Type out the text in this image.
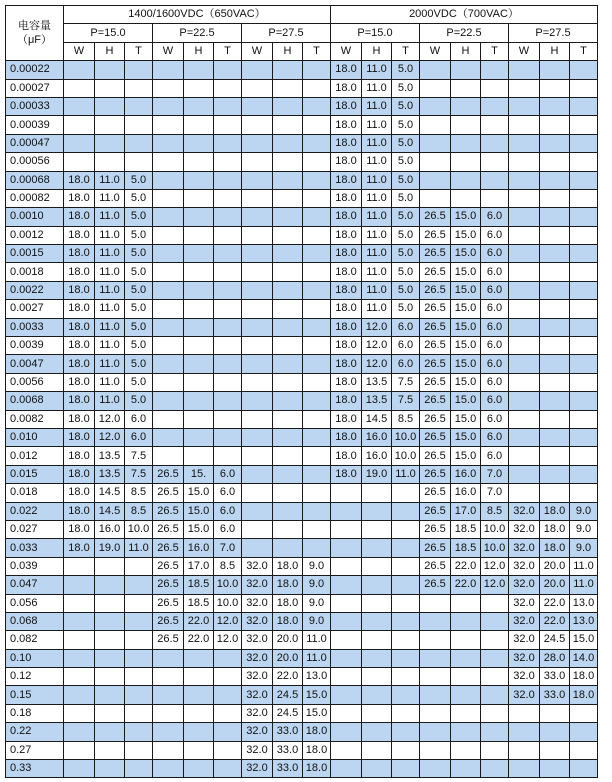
电容量
（μF）	1400/1600VDC（650VAC）									2000VDC（700VAC）								
	P=15.0			P=22.5			P=27.5			P=15.0			P=22.5			P=27.5		
	W	H	T	W	H	T	W	H	T	W	H	T	W	H	T	W	H	T
0.00022										18.0	11.0	5.0						
0.00027										18.0	11.0	5.0						
0.00033										18.0	11.0	5.0						
0.00039										18.0	11.0	5.0						
0.00047										18.0	11.0	5.0						
0.00056										18.0	11.0	5.0						
0.00068	18.0	11.0	5.0							18.0	11.0	5.0						
0.00082	18.0	11.0	5.0							18.0	11.0	5.0						
0.0010	18.0	11.0	5.0							18.0	11.0	5.0	26.5	15.0	6.0			
0.0012	18.0	11.0	5.0							18.0	11.0	5.0	26.5	15.0	6.0			
0.0015	18.0	11.0	5.0							18.0	11.0	5.0	26.5	15.0	6.0			
0.0018	18.0	11.0	5.0							18.0	11.0	5.0	26.5	15.0	6.0			
0.0022	18.0	11.0	5.0							18.0	11.0	5.0	26.5	15.0	6.0			
0.0027	18.0	11.0	5.0							18.0	11.0	5.0	26.5	15.0	6.0			
0.0033	18.0	11.0	5.0							18.0	12.0	6.0	26.5	15.0	6.0			
0.0039	18.0	11.0	5.0							18.0	12.0	6.0	26.5	15.0	6.0			
0.0047	18.0	11.0	5.0							18.0	12.0	6.0	26.5	15.0	6.0			
0.0056	18.0	11.0	5.0							18.0	13.5	7.5	26.5	15.0	6.0			
0.0068	18.0	11.0	5.0							18.0	13.5	7.5	26.5	15.0	6.0			
0.0082	18.0	12.0	6.0							18.0	14.5	8.5	26.5	15.0	6.0			
0.010	18.0	12.0	6.0							18.0	16.0	10.0	26.5	15.0	6.0			
0.012	18.0	13.5	7.5							18.0	16.0	10.0	26.5	15.0	6.0			
0.015	18.0	13.5	7.5	26.5	15.	6.0				18.0	19.0	11.0	26.5	16.0	7.0			
0.018	18.0	14.5	8.5	26.5	15.0	6.0							26.5	16.0	7.0			
0.022	18.0	14.5	8.5	26.5	15.0	6.0							26.5	17.0	8.5	32.0	18.0	9.0
0.027	18.0	16.0	10.0	26.5	15.0	6.0							26.5	18.5	10.0	32.0	18.0	9.0
0.033	18.0	19.0	11.0	26.5	16.0	7.0							26.5	18.5	10.0	32.0	18.0	9.0
0.039				26.5	17.0	8.5	32.0	18.0	9.0				26.5	22.0	12.0	32.0	20.0	11.0
0.047				26.5	18.5	10.0	32.0	18.0	9.0				26.5	22.0	12.0	32.0	20.0	11.0
0.056				26.5	18.5	10.0	32.0	18.0	9.0							32.0	22.0	13.0
0.068				26.5	22.0	12.0	32.0	18.0	9.0							32.0	22.0	13.0
0.082				26.5	22.0	12.0	32.0	20.0	11.0							32.0	24.5	15.0
0.10							32.0	20.0	11.0							32.0	28.0	14.0
0.12							32.0	22.0	13.0							32.0	33.0	18.0
0.15							32.0	24.5	15.0							32.0	33.0	18.0
0.18							32.0	24.5	15.0									
0.22							32.0	33.0	18.0									
0.27							32.0	33.0	18.0									
0.33							32.0	33.0	18.0									
